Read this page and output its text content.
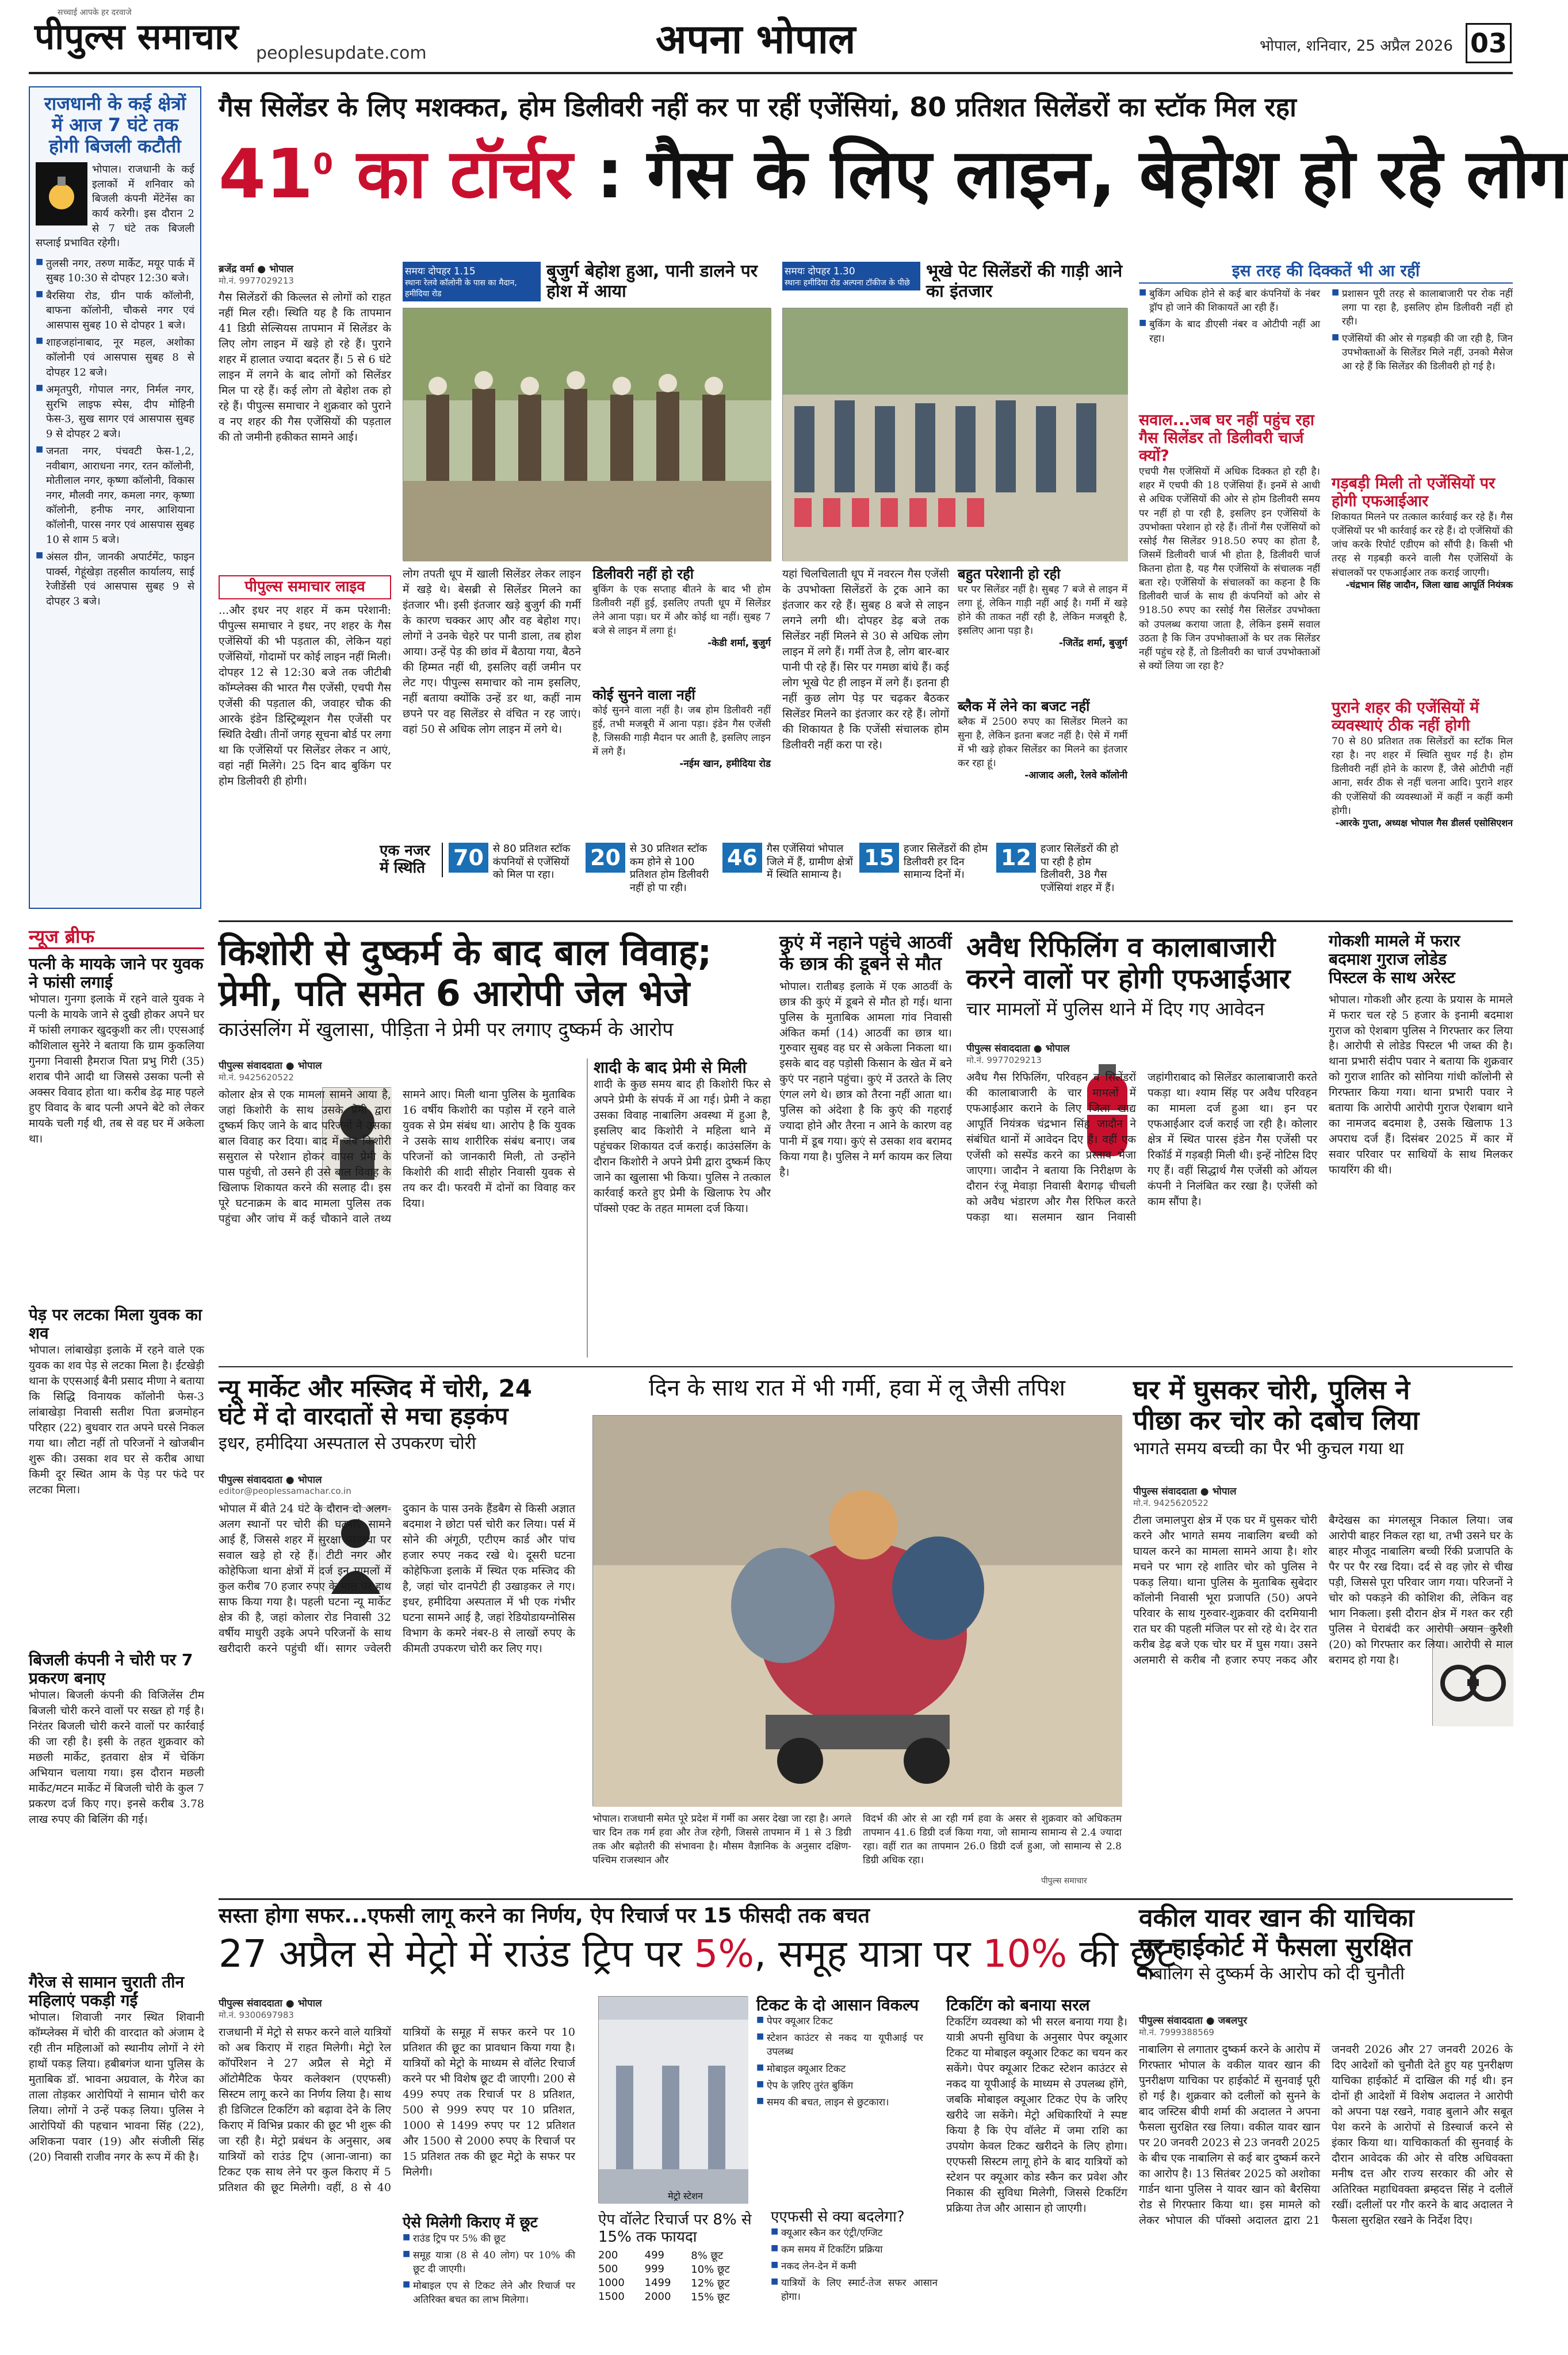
पीपुल्स समाचार
सच्चाई आपके हर दरवाजे
peoplesupdate.com	अपना भोपाल	भोपाल, शनिवार, 25 अप्रैल 2026 03
राजधानी के कई क्षेत्रों में आज 7 घंटे तक होगी बिजली कटौती
भोपाल। राजधानी के कई इलाकों में शनिवार को बिजली कंपनी मेंटेनेंस का कार्य करेगी। इस दौरान 2 से 7 घंटे तक बिजली सप्लाई प्रभावित रहेगी।
■ तुलसी नगर, तरुण मार्केट, मयूर पार्क में सुबह 10:30 से दोपहर 12:30 बजे।
■ बैरसिया रोड, ग्रीन पार्क कॉलोनी, बाफना कॉलोनी, चौकसे नगर एवं आसपास सुबह 10 से दोपहर 1 बजे।
■ शाहजहांनाबाद, नूर महल, अशोका कॉलोनी एवं आसपास सुबह 8 से दोपहर 12 बजे।
■ अमृतपुरी, गोपाल नगर, निर्मल नगर, सुरभि लाइफ स्पेस, दीप मोहिनी फेस-3, सुख सागर एवं आसपास सुबह 9 से दोपहर 2 बजे।
■ जनता नगर, पंचवटी फेस-1,2, नवीबाग, आराधना नगर, रतन कॉलोनी, मोतीलाल नगर, कृष्णा कॉलोनी, विकास नगर, मौलवी नगर, कमला नगर, कृष्णा कॉलोनी, हनीफ नगर, आशियाना कॉलोनी, पारस नगर एवं आसपास सुबह 10 से शाम 5 बजे।
■ अंसल ग्रीन, जानकी अपार्टमेंट, फाइन पार्क्स, गेहूंखेड़ा तहसील कार्यालय, साई रेजीडेंसी एवं आसपास सुबह 9 से दोपहर 3 बजे।
गैस सिलेंडर के लिए मशक्कत, होम डिलीवरी नहीं कर पा रहीं एजेंसियां, 80 प्रतिशत सिलेंडरों का स्टॉक मिल रहा
$41^0$ का टॉर्चर : गैस के लिए लाइन, बेहोश हो रहे लोग
ब्रजेंद्र वर्मा ● भोपाल
मो.नं. 9977029213
गैस सिलेंडरों की किल्लत से लोगों को राहत नहीं मिल रही। स्थिति यह है कि तापमान 41 डिग्री सेल्सियस तापमान में सिलेंडर के लिए लोग लाइन में खड़े हो रहे हैं। पुराने शहर में हालात ज्यादा बदतर हैं। 5 से 6 घंटे लाइन में लगने के बाद लोगों को सिलेंडर मिल पा रहे हैं। कई लोग तो बेहोश तक हो रहे हैं। पीपुल्स समाचार ने शुक्रवार को पुराने व नए शहर की गैस एजेंसियों की पड़ताल की तो जमीनी हकीकत सामने आई।
पीपुल्स समाचार लाइव
...और इधर नए शहर में कम परेशानी: पीपुल्स समाचार ने इधर, नए शहर के गैस एजेंसियों की भी पड़ताल की, लेकिन यहां एजेंसियों, गोदामों पर कोई लाइन नहीं मिली। दोपहर 12 से 12:30 बजे तक जीटीबी कॉम्प्लेक्स की भारत गैस एजेंसी, एचपी गैस एजेंसी की पड़ताल की, जवाहर चौक की आरके इंडेन डिस्ट्रिब्यूशन गैस एजेंसी पर स्थिति देखी। तीनों जगह सूचना बोर्ड पर लगा था कि एजेंसियों पर सिलेंडर लेकर न आएं, वहां नहीं मिलेंगे। 25 दिन बाद बुकिंग पर होम डिलीवरी ही होगी।
समयः दोपहर 1.15
स्थानः रेलवे कॉलोनी के पास का मैदान, हमीदिया रोड
बुजुर्ग बेहोश हुआ, पानी डालने पर होश में आया
लोग तपती धूप में खाली सिलेंडर लेकर लाइन में खड़े थे। बेसब्री से सिलेंडर मिलने का इंतजार भी। इसी इंतजार खड़े बुजुर्ग की गर्मी के कारण चक्कर आए और वह बेहोश गए। लोगों ने उनके चेहरे पर पानी डाला, तब होश आया। उन्हें पेड़ की छांव में बैठाया गया, बैठने की हिम्मत नहीं थी, इसलिए वहीं जमीन पर लेट गए। पीपुल्स समाचार को नाम इसलिए, नहीं बताया क्योंकि उन्हें डर था, कहीं नाम छपने पर वह सिलेंडर से वंचित न रह जाएं। वहां 50 से अधिक लोग लाइन में लगे थे।
डिलीवरी नहीं हो रही
बुकिंग के एक सप्ताह बीतने के बाद भी होम डिलीवरी नहीं हुई, इसलिए तपती धूप में सिलेंडर लेने आना पड़ा। घर में और कोई था नहीं। सुबह 7 बजे से लाइन में लगा हूं।
-केडी शर्मा, बुजुर्ग
कोई सुनने वाला नहीं
कोई सुनने वाला नहीं है। जब होम डिलीवरी नहीं हुई, तभी मजबूरी में आना पड़ा। इंडेन गैस एजेंसी है, जिसकी गाड़ी मैदान पर आती है, इसलिए लाइन में लगे हैं।
-नईम खान, हमीदिया रोड
समयः दोपहर 1.30
स्थानः हमीदिया रोड अल्पना टॉकीज के पीछे
भूखे पेट सिलेंडरों की गाड़ी आने का इंतजार
यहां चिलचिलाती धूप में नवरत्न गैस एजेंसी के उपभोक्ता सिलेंडरों के ट्रक आने का इंतजार कर रहे हैं। सुबह 8 बजे से लाइन लगने लगी थी। दोपहर डेढ़ बजे तक सिलेंडर नहीं मिलने से 30 से अधिक लोग लाइन में लगे हैं। गर्मी तेज है, लोग बार-बार पानी पी रहे हैं। सिर पर गमछा बांधे हैं। कई लोग भूखे पेट ही लाइन में लगे हैं। इतना ही नहीं कुछ लोग पेड़ पर चढ़कर बैठकर सिलेंडर मिलने का इंतजार कर रहे हैं। लोगों की शिकायत है कि एजेंसी संचालक होम डिलीवरी नहीं करा पा रहे।
बहुत परेशानी हो रही
घर पर सिलेंडर नहीं है। सुबह 7 बजे से लाइन में लगा हूं, लेकिन गाड़ी नहीं आई है। गर्मी में खड़े होने की ताकत नहीं रही है, लेकिन मजबूरी है, इसलिए आना पड़ा है।
-जितेंद्र शर्मा, बुजुर्ग
ब्लैक में लेने का बजट नहीं
ब्लैक में 2500 रुपए का सिलेंडर मिलने का सुना है, लेकिन इतना बजट नहीं है। ऐसे में गर्मी में भी खड़े होकर सिलेंडर का मिलने का इंतजार कर रहा हूं।
-आजाद अली, रेलवे कॉलोनी
इस तरह की दिक्कतें भी आ रहीं
■ बुकिंग अधिक होने से कई बार कंपनियों के नंबर ड्रॉप हो जाने की शिकायतें आ रही हैं।
■ बुकिंग के बाद डीएसी नंबर व ओटीपी नहीं आ रहा।
■ प्रशासन पूरी तरह से कालाबाजारी पर रोक नहीं लगा पा रहा है, इसलिए होम डिलीवरी नहीं हो रही।
■ एजेंसियों की ओर से गड़बड़ी की जा रही है, जिन उपभोक्ताओं के सिलेंडर मिले नहीं, उनको मैसेज आ रहे हैं कि सिलेंडर की डिलीवरी हो गई है।
सवाल...जब घर नहीं पहुंच रहा गैस सिलेंडर तो डिलीवरी चार्ज क्यों?
एचपी गैस एजेंसियों में अधिक दिक्कत हो रही है। शहर में एचपी की 18 एजेंसियां हैं। इनमें से आधी से अधिक एजेंसियों की ओर से होम डिलीवरी समय पर नहीं हो पा रही है, इसलिए इन एजेंसियों के उपभोक्ता परेशान हो रहे हैं। तीनों गैस एजेंसियों को रसोई गैस सिलेंडर 918.50 रुपए का होता है, जिसमें डिलीवरी चार्ज भी होता है, डिलीवरी चार्ज कितना होता है, यह गैस एजेंसियों के संचालक नहीं बता रहे। एजेंसियों के संचालकों का कहना है कि डिलीवरी चार्ज के साथ ही कंपनियों को ओर से 918.50 रुपए का रसोई गैस सिलेंडर उपभोक्ता को उपलब्ध कराया जाता है, लेकिन इसमें सवाल उठता है कि जिन उपभोक्ताओं के घर तक सिलेंडर नहीं पहुंच रहे हैं, तो डिलीवरी का चार्ज उपभोक्ताओं से क्यों लिया जा रहा है?
गड़बड़ी मिली तो एजेंसियों पर होगी एफआईआर
शिकायत मिलने पर तत्काल कार्रवाई कर रहे हैं। गैस एजेंसियों पर भी कार्रवाई कर रहे हैं। दो एजेंसियों की जांच करके रिपोर्ट एडीएम को सौंपी है। किसी भी तरह से गड़बड़ी करने वाली गैस एजेंसियों के संचालकों पर एफआईआर तक कराई जाएगी।
-चंद्रभान सिंह जादौन, जिला खाद्य आपूर्ति नियंत्रक
पुराने शहर की एजेंसियों में व्यवस्थाएं ठीक नहीं होगी
70 से 80 प्रतिशत तक सिलेंडरों का स्टॉक मिल रहा है। नए शहर में स्थिति सुधर गई है। होम डिलीवरी नहीं होने के कारण हैं, जैसे ओटीपी नहीं आना, सर्वर ठीक से नहीं चलना आदि। पुराने शहर की एजेंसियों की व्यवस्थाओं में कहीं न कहीं कमी होगी।
-आरके गुप्ता, अध्यक्ष भोपाल गैस डीलर्स एसोसिएशन
एक नजर में स्थिति	70 से 80 प्रतिशत स्टॉक कंपनियों से एजेंसियों को मिल पा रहा।
20 से 30 प्रतिशत स्टॉक कम होने से 100 प्रतिशत होम डिलीवरी नहीं हो पा रही।
46 गैस एजेंसियां भोपाल जिले में हैं, ग्रामीण क्षेत्रों में स्थिति सामान्य है।
15 हजार सिलेंडरों की होम डिलीवरी हर दिन सामान्य दिनों में।
12 हजार सिलेंडरों की हो पा रही है होम डिलीवरी, 38 गैस एजेंसियां शहर में हैं।
न्यूज ब्रीफ
पत्नी के मायके जाने पर युवक ने फांसी लगाई
भोपाल। गुनगा इलाके में रहने वाले युवक ने पत्नी के मायके जाने से दुखी होकर अपने घर में फांसी लगाकर खुदकुशी कर ली। एएसआई कौशिलाल सुनेरे ने बताया कि ग्राम कुकलिया गुनगा निवासी हैमराज पिता प्रभु गिरी (35) शराब पीने आदी था जिससे उसका पत्नी से अक्सर विवाद होता था। करीब डेढ़ माह पहले हुए विवाद के बाद पत्नी अपने बेटे को लेकर मायके चली गई थी, तब से वह घर में अकेला था।
पेड़ पर लटका मिला युवक का शव
भोपाल। लांबाखेड़ा इलाके में रहने वाले एक युवक का शव पेड़ से लटका मिला है। ईंटखेड़ी थाना के एएसआई बैनी प्रसाद मीणा ने बताया कि सिद्धि विनायक कॉलोनी फेस-3 लांबाखेड़ा निवासी सतीश पिता ब्रजमोहन परिहार (22) बुधवार रात अपने घरसे निकल गया था। लौटा नहीं तो परिजनों ने खोजबीन शुरू की। उसका शव घर से करीब आधा किमी दूर स्थित आम के पेड़ पर फंदे पर लटका मिला।
बिजली कंपनी ने चोरी पर 7 प्रकरण बनाए
भोपाल। बिजली कंपनी की विजिलेंस टीम बिजली चोरी करने वालों पर सख्त हो गई है। निरंतर बिजली चोरी करने वालों पर कार्रवाई की जा रही है। इसी के तहत शुक्रवार को मछली मार्केट, इतवारा क्षेत्र में चेकिंग अभियान चलाया गया। इस दौरान मछली मार्केट/मटन मार्केट में बिजली चोरी के कुल 7 प्रकरण दर्ज किए गए। इनसे करीब 3.78 लाख रुपए की बिलिंग की गई।
गैरेज से सामान चुराती तीन महिलाएं पकड़ी गईं
भोपाल। शिवाजी नगर स्थित शिवानी कॉम्प्लेक्स में चोरी की वारदात को अंजाम दे रही तीन महिलाओं को स्थानीय लोगों ने रंगे हाथों पकड़ लिया। हबीबगंज थाना पुलिस के मुताबिक डॉ. भावना अग्रवाल, के गैरेज का ताला तोड़कर आरोपियों ने सामान चोरी कर लिया। लोगों ने उन्हें पकड़ लिया। पुलिस ने आरोपियों की पहचान भावना सिंह (22), अशिकना पवार (19) और संजीली सिंह (20) निवासी राजीव नगर के रूप में की है।
किशोरी से दुष्कर्म के बाद बाल विवाह;
प्रेमी, पति समेत 6 आरोपी जेल भेजे
काउंसलिंग में खुलासा, पीड़िता ने प्रेमी पर लगाए दुष्कर्म के आरोप
पीपुल्स संवाददाता ● भोपाल
मो.नं. 9425620522
कोलार क्षेत्र से एक मामला सामने आया है, जहां किशोरी के साथ उसके प्रेमी द्वारा दुष्कर्म किए जाने के बाद परिजनों ने उसका बाल विवाह कर दिया। बाद में जब किशोरी ससुराल से परेशान होकर वापस प्रेमी के पास पहुंची, तो उसने ही उसे बाल विवाह के खिलाफ शिकायत करने की सलाह दी। इस पूरे घटनाक्रम के बाद मामला पुलिस तक पहुंचा और जांच में कई चौकाने वाले तथ्य सामने आए। मिली थाना पुलिस के मुताबिक 16 वर्षीय किशोरी का पड़ोस में रहने वाले युवक से प्रेम संबंध था। आरोप है कि युवक ने उसके साथ शारीरिक संबंध बनाए। जब परिजनों को जानकारी मिली, तो उन्होंने किशोरी की शादी सीहोर निवासी युवक से तय कर दी। फरवरी में दोनों का विवाह कर दिया।
शादी के बाद प्रेमी से मिली
शादी के कुछ समय बाद ही किशोरी फिर से अपने प्रेमी के संपर्क में आ गई। प्रेमी ने कहा उसका विवाह नाबालिग अवस्था में हुआ है, इसलिए बाद किशोरी ने महिला थाने में पहुंचकर शिकायत दर्ज कराई। काउंसलिंग के दौरान किशोरी ने अपने प्रेमी द्वारा दुष्कर्म किए जाने का खुलासा भी किया। पुलिस ने तत्काल कार्रवाई करते हुए प्रेमी के खिलाफ रेप और पॉक्सो एक्ट के तहत मामला दर्ज किया।
कुएं में नहाने पहुंचे आठवीं के छात्र की डूबने से मौत
भोपाल। रातीबड़ इलाके में एक आठवीं के छात्र की कुएं में डूबने से मौत हो गई। थाना पुलिस के मुताबिक आमला गांव निवासी अंकित कर्मा (14) आठवीं का छात्र था। गुरुवार सुबह वह घर से अकेला निकला था। इसके बाद वह पड़ोसी किसान के खेत में बने कुएं पर नहाने पहुंचा। कुएं में उतरते के लिए एंगल लगे थे। छात्र को तैरना नहीं आता था। पुलिस को अंदेशा है कि कुएं की गहराई ज्यादा होने और तैरना न आने के कारण वह पानी में डूब गया। कुएं से उसका शव बरामद किया गया है। पुलिस ने मर्ग कायम कर लिया है।
अवैध रिफिलिंग व कालाबाजारी
करने वालों पर होगी एफआईआर
चार मामलों में पुलिस थाने में दिए गए आवेदन
पीपुल्स संवाददाता ● भोपाल
मो.नं. 9977029213
अवैध गैस रिफिलिंग, परिवहन व सिलेंडरों की कालाबाजारी के चार मामलों में एफआईआर कराने के लिए जिला खाद्य आपूर्ति नियंत्रक चंद्रभान सिंह जादौन ने संबंधित थानों में आवेदन दिए हैं। वहीं एक एजेंसी को सस्पेंड करने का प्रस्ताव भेजा जाएगा। जादौन ने बताया कि निरीक्षण के दौरान रंजू मेवाड़ा निवासी बैरागढ़ चीचली को अवैध भंडारण और गैस रिफिल करते पकड़ा था। सलमान खान निवासी जहांगीराबाद को सिलेंडर कालाबाजारी करते पकड़ा था। श्याम सिंह पर अवैध परिवहन का मामला दर्ज हुआ था। इन पर एफआईआर दर्ज कराई जा रही है। कोलार क्षेत्र में स्थित पारस इंडेन गैस एजेंसी पर रिकॉर्ड में गड़बड़ी मिली थी। इन्हें नोटिस दिए गए हैं। वहीं सिद्धार्थ गैस एजेंसी को ऑयल कंपनी ने निलंबित कर रखा है। एजेंसी को काम सौंपा है।
गोकशी मामले में फरार
बदमाश गुराज लोडेड
पिस्टल के साथ अरेस्ट
भोपाल। गोकशी और हत्या के प्रयास के मामले में फरार चल रहे 5 हजार के इनामी बदमाश गुराज को ऐशबाग पुलिस ने गिरफ्तार कर लिया है। आरोपी से लोडेड पिस्टल भी जब्त की है। थाना प्रभारी संदीप पवार ने बताया कि शुक्रवार को गुराज शातिर को सोनिया गांधी कॉलोनी से गिरफ्तार किया गया। थाना प्रभारी पवार ने बताया कि आरोपी आरोपी गुराज ऐशबाग थाने का नामजद बदमाश है, उसके खिलाफ 13 अपराध दर्ज हैं। दिसंबर 2025 में कार में सवार परिवार पर साथियों के साथ मिलकर फायरिंग की थी।
न्यू मार्केट और मस्जिद में चोरी, 24
घंटे में दो वारदातों से मचा हड़कंप
इधर, हमीदिया अस्पताल से उपकरण चोरी
पीपुल्स संवाददाता ● भोपाल
editor@peoplessamachar.co.in
भोपाल में बीते 24 घंटे के दौरान दो अलग-अलग स्थानों पर चोरी की घटनाएं सामने आई हैं, जिससे शहर में सुरक्षा व्यवस्था पर सवाल खड़े हो रहे हैं। टीटी नगर और कोहेफिजा थाना क्षेत्रों में दर्ज इन मामलों में कुल करीब 70 हजार रुपए के माल पर हाथ साफ किया गया है। पहली घटना न्यू मार्केट क्षेत्र की है, जहां कोलार रोड निवासी 32 वर्षीय माधुरी उइके अपने परिजनों के साथ खरीदारी करने पहुंची थीं। सागर ज्वेलरी दुकान के पास उनके हैंडबैग से किसी अज्ञात बदमाश ने छोटा पर्स चोरी कर लिया। पर्स में सोने की अंगूठी, एटीएम कार्ड और पांच हजार रुपए नकद रखे थे। दूसरी घटना कोहेफिजा इलाके में स्थित एक मस्जिद की है, जहां चोर दानपेटी ही उखाड़कर ले गए। इधर, हमीदिया अस्पताल में भी एक गंभीर घटना सामने आई है, जहां रेडियोडायग्नोसिस विभाग के कमरे नंबर-8 से लाखों रुपए के कीमती उपकरण चोरी कर लिए गए।
दिन के साथ रात में भी गर्मी, हवा में लू जैसी तपिश
भोपाल। राजधानी समेत पूरे प्रदेश में गर्मी का असर देखा जा रहा है। अगले चार दिन तक गर्म हवा और तेज रहेगी, जिससे तापमान में 1 से 3 डिग्री तक और बढ़ोतरी की संभावना है। मौसम वैज्ञानिक के अनुसार दक्षिण-पश्चिम राजस्थान और
विदर्भ की ओर से आ रही गर्म हवा के असर से शुक्रवार को अधिकतम तापमान 41.6 डिग्री दर्ज किया गया, जो सामान्य सामान्य से 2.4 ज्यादा रहा। वहीं रात का तापमान 26.0 डिग्री दर्ज हुआ, जो सामान्य से 2.8 डिग्री अधिक रहा।
पीपुल्स समाचार
घर में घुसकर चोरी, पुलिस ने
पीछा कर चोर को दबोच लिया
भागते समय बच्ची का पैर भी कुचल गया था
पीपुल्स संवाददाता ● भोपाल
मो.नं. 9425620522
टीला जमालपुरा क्षेत्र में एक घर में घुसकर चोरी करने और भागते समय नाबालिग बच्ची को घायल करने का मामला सामने आया है। शोर मचने पर भाग रहे शातिर चोर को पुलिस ने पकड़ लिया। थाना पुलिस के मुताबिक सुबेदार कॉलोनी निवासी भूरा प्रजापति (50) अपने परिवार के साथ गुरुवार-शुक्रवार की दरमियानी रात घर की पहली मंजिल पर सो रहे थे। देर रात करीब डेढ़ बजे एक चोर घर में घुस गया। उसने अलमारी से करीब नौ हजार रुपए नकद और बैग्देखस का मंगलसूत्र निकाल लिया। जब आरोपी बाहर निकल रहा था, तभी उसने घर के बाहर मौजूद नाबालिग बच्ची रिंकी प्रजापति के पैर पर पैर रख दिया। दर्द से वह ज़ोर से चीख पड़ी, जिससे पूरा परिवार जाग गया। परिजनों ने चोर को पकड़ने की कोशिश की, लेकिन वह भाग निकला। इसी दौरान क्षेत्र में गश्त कर रही पुलिस ने घेराबंदी कर आरोपी अयान कुरैशी (20) को गिरफ्तार कर लिया। आरोपी से माल बरामद हो गया है।
सस्ता होगा सफर...एफसी लागू करने का निर्णय, ऐप रिचार्ज पर 15 फीसदी तक बचत
27 अप्रैल से मेट्रो में राउंड ट्रिप पर 5%, समूह यात्रा पर 10% की छूट
पीपुल्स संवाददाता ● भोपाल
मो.नं. 9300697983
राजधानी में मेट्रो से सफर करने वाले यात्रियों को अब किराए में राहत मिलेगी। मेट्रो रेल कॉर्पोरेशन ने 27 अप्रैल से मेट्रो में ऑटोमैटिक फेयर कलेक्शन (एएफसी) सिस्टम लागू करने का निर्णय लिया है। साथ ही डिजिटल टिकटिंग को बढ़ावा देने के लिए किराए में विभिन्न प्रकार की छूट भी शुरू की जा रही है। मेट्रो प्रबंधन के अनुसार, अब यात्रियों को राउंड ट्रिप (आना-जाना) का टिकट एक साथ लेने पर कुल किराए में 5 प्रतिशत की छूट मिलेगी। वहीं, 8 से 40 यात्रियों के समूह में सफर करने पर 10 प्रतिशत की छूट का प्रावधान किया गया है। यात्रियों को मेट्रो के माध्यम से वॉलेट रिचार्ज करने पर भी विशेष छूट दी जाएगी। 200 से 499 रुपए तक रिचार्ज पर 8 प्रतिशत, 500 से 999 रुपए पर 10 प्रतिशत, 1000 से 1499 रुपए पर 12 प्रतिशत और 1500 से 2000 रुपए के रिचार्ज पर 15 प्रतिशत तक की छूट मेट्रो के सफर पर मिलेगी।
ऐसे मिलेगी किराए में छूट
■ राउंड ट्रिप पर 5% की छूट
■ समूह यात्रा (8 से 40 लोग) पर 10% की छूट दी जाएगी।
■ मोबाइल एप से टिकट लेने और रिचार्ज पर अतिरिक्त बचत का लाभ मिलेगा।
मेट्रो स्टेशन
टिकट के दो आसान विकल्प
■ पेपर क्यूआर टिकट
■ स्टेशन काउंटर से नकद या यूपीआई पर उपलब्ध
■ मोबाइल क्यूआर टिकट
■ ऐप के ज़रिए तुरंत बुकिंग
■ समय की बचत, लाइन से छुटकारा।
ऐप वॉलेट रिचार्ज पर 8% से 15% तक फायदा
200	499	8% छूट
500	999	10% छूट
1000	1499	12% छूट
1500	2000	15% छूट
एएफसी से क्या बदलेगा?
■ क्यूआर स्कैन कर एंट्री/एग्जिट
■ कम समय में टिकटिंग प्रक्रिया
■ नकद लेन-देन में कमी
■ यात्रियों के लिए स्मार्ट-तेज सफर आसान होगा।
टिकटिंग को बनाया सरल
टिकटिंग व्यवस्था को भी सरल बनाया गया है। यात्री अपनी सुविधा के अनुसार पेपर क्यूआर टिकट या मोबाइल क्यूआर टिकट का चयन कर सकेंगे। पेपर क्यूआर टिकट स्टेशन काउंटर से नकद या यूपीआई के माध्यम से उपलब्ध होंगे, जबकि मोबाइल क्यूआर टिकट ऐप के जरिए खरीदे जा सकेंगे। मेट्रो अधिकारियों ने स्पष्ट किया है कि ऐप वॉलेट में जमा राशि का उपयोग केवल टिकट खरीदने के लिए होगा। एएफसी सिस्टम लागू होने के बाद यात्रियों को स्टेशन पर क्यूआर कोड स्कैन कर प्रवेश और निकास की सुविधा मिलेगी, जिससे टिकटिंग प्रक्रिया तेज और आसान हो जाएगी।
वकील यावर खान की याचिका
पर हाईकोर्ट में फैसला सुरक्षित
नाबालिग से दुष्कर्म के आरोप को दी चुनौती
पीपुल्स संवाददाता ● जबलपुर
मो.नं. 7999388569
नाबालिग से लगातार दुष्कर्म करने के आरोप में गिरफ्तार भोपाल के वकील यावर खान की पुनरीक्षण याचिका पर हाईकोर्ट में सुनवाई पूरी हो गई है। शुक्रवार को दलीलों को सुनने के बाद जस्टिस बीपी शर्मा की अदालत ने अपना फैसला सुरक्षित रख लिया। वकील यावर खान पर 20 जनवरी 2023 से 23 जनवरी 2025 के बीच एक नाबालिग से कई बार दुष्कर्म करने का आरोप है। 13 सितंबर 2025 को अशोका गार्डन थाना पुलिस ने यावर खान को बैरसिया रोड से गिरफ्तार किया था। इस मामले को लेकर भोपाल की पॉक्सो अदालत द्वारा 21 जनवरी 2026 और 27 जनवरी 2026 के दिए आदेशों को चुनौती देते हुए यह पुनरीक्षण याचिका हाईकोर्ट में दाखिल की गई थी। इन दोनों ही आदेशों में विशेष अदालत ने आरोपी को अपना पक्ष रखने, गवाह बुलाने और सबूत पेश करने के आरोपों से डिस्चार्ज करने से इंकार किया था। याचिकाकर्ता की सुनवाई के दौरान आवेदक की ओर से वरिष्ठ अधिवक्ता मनीष दत्त और राज्य सरकार की ओर से अतिरिक्त महाधिवक्ता ब्रम्हदत्त सिंह ने दलीलें रखीं। दलीलों पर गौर करने के बाद अदालत ने फैसला सुरक्षित रखने के निर्देश दिए।
